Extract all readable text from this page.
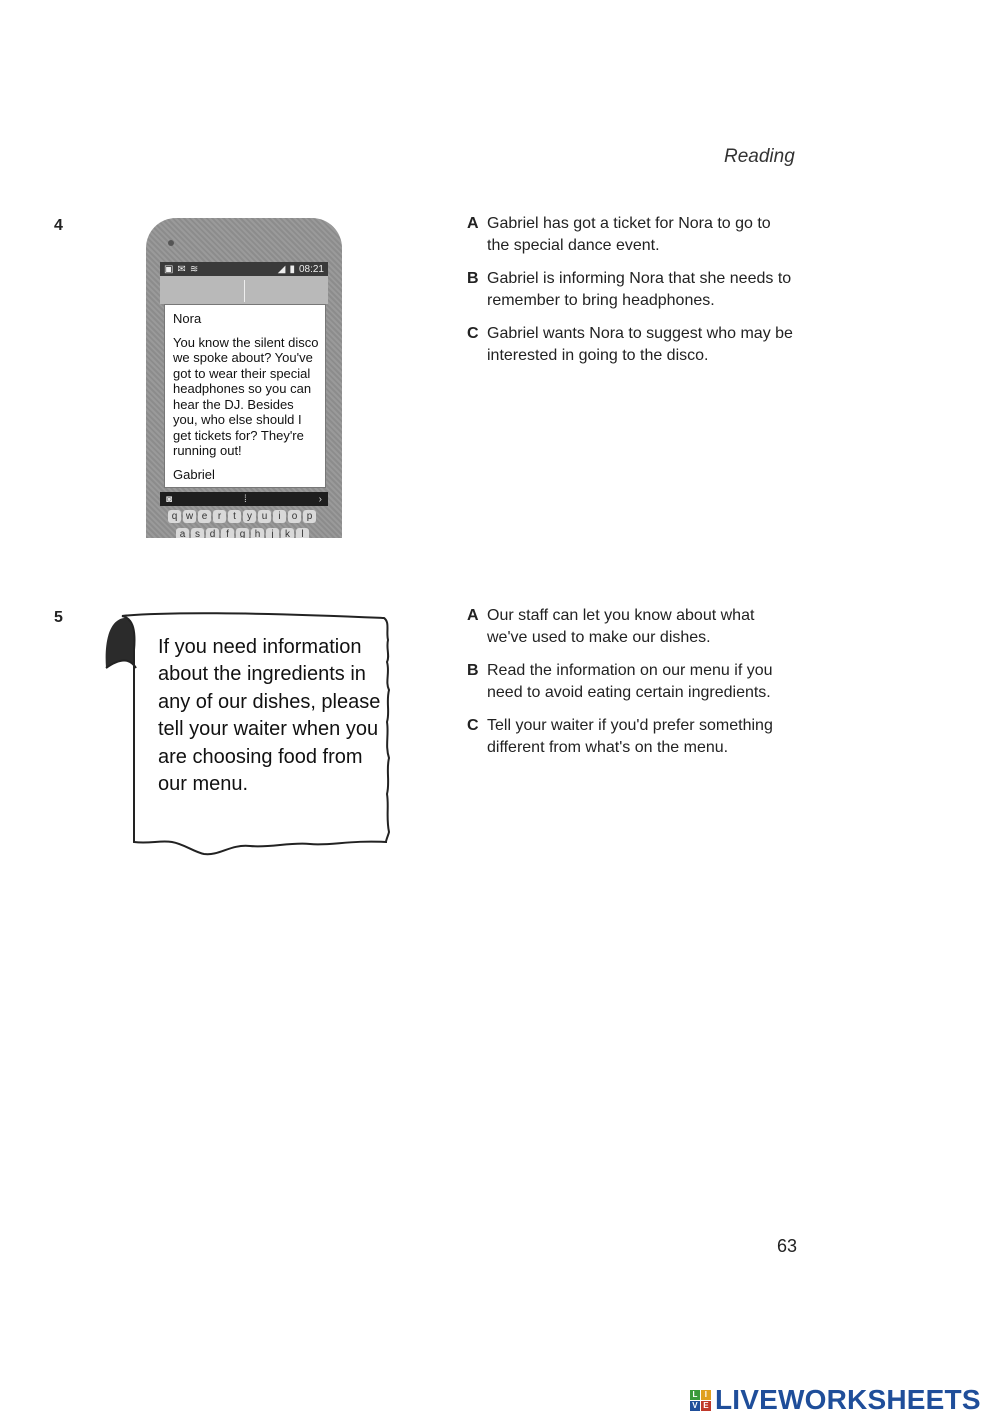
Reading
4
▣ ✉ ≋	◢ ▮ 08:21

Nora

You know the silent disco we spoke about? You've got to wear their special headphones so you can hear the DJ. Besides you, who else should I get tickets for? They're running out!

Gabriel

◙	⁞	›
q w e	r	t	y u	i	o p
a s d	f	g h	j	k	l
A Gabriel has got a ticket for Nora to go to the special dance event.
B Gabriel is informing Nora that she needs to remember to bring headphones.
C Gabriel wants Nora to suggest who may be interested in going to the disco.
5
If you need information about the ingredients in any of our dishes, please tell your waiter when you are choosing food from our menu.
A Our staff can let you know about what we've used to make our dishes.
B Read the information on our menu if you need to avoid eating certain ingredients.
C Tell your waiter if you'd prefer something different from what's on the menu.
63
L I
V E LIVEWORKSHEETS
